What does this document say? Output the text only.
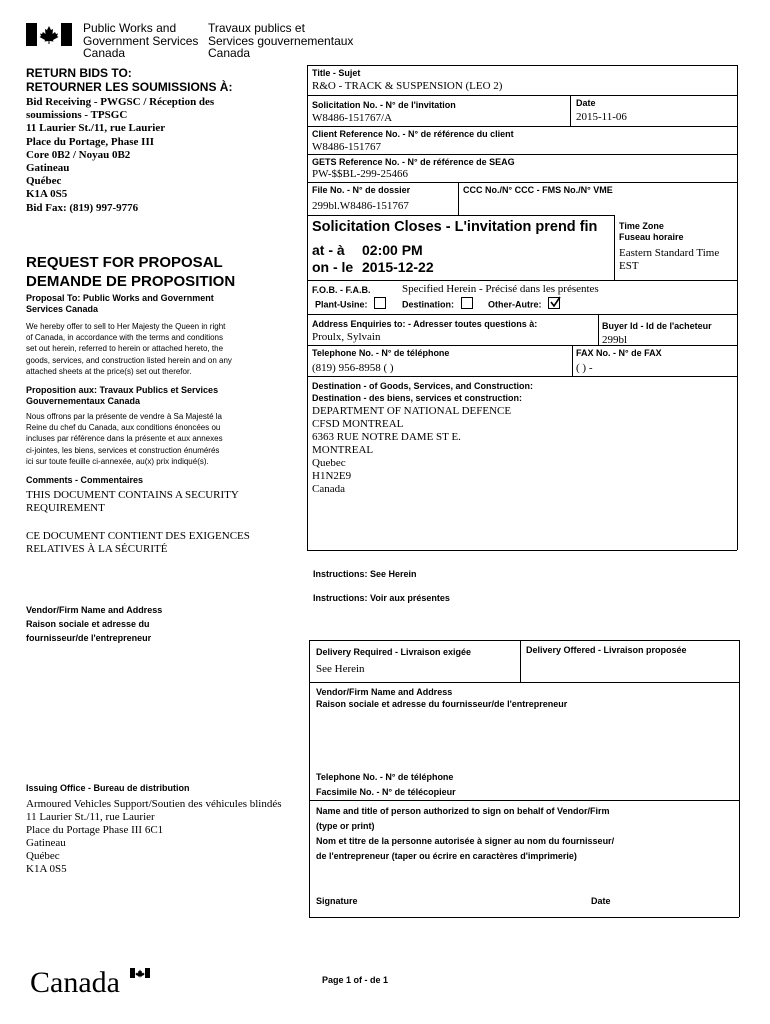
Public Works and
Government Services
Canada
Travaux publics et
Services gouvernementaux
Canada
RETURN BIDS TO:
RETOURNER LES SOUMISSIONS À:
Bid Receiving - PWGSC / Réception des
soumissions - TPSGC
11 Laurier St./11, rue Laurier
Place du Portage, Phase III
Core 0B2 / Noyau 0B2
Gatineau
Québec
K1A 0S5
Bid Fax: (819) 997-9776
REQUEST FOR PROPOSAL
DEMANDE DE PROPOSITION
Proposal To: Public Works and Government
Services Canada
We hereby offer to sell to Her Majesty the Queen in right
of Canada, in accordance with the terms and conditions
set out herein, referred to herein or attached hereto, the
goods, services, and construction listed herein and on any
attached sheets at the price(s) set out therefor.
Proposition aux: Travaux Publics et Services
Gouvernementaux Canada
Nous offrons par la présente de vendre à Sa Majesté la
Reine du chef du Canada, aux conditions énoncées ou
incluses par référence dans la présente et aux annexes
ci-jointes, les biens, services et construction énumérés
ici sur toute feuille ci-annexée, au(x) prix indiqué(s).
Comments - Commentaires
THIS DOCUMENT CONTAINS A SECURITY
REQUIREMENT
CE DOCUMENT CONTIENT DES EXIGENCES
RELATIVES À LA SÉCURITÉ
Vendor/Firm Name and Address
Raison sociale et adresse du
fournisseur/de l'entrepreneur
Issuing Office - Bureau de distribution
Armoured Vehicles Support/Soutien des véhicules blindés
11 Laurier St./11, rue Laurier
Place du Portage Phase III 6C1
Gatineau
Québec
K1A 0S5
Title - Sujet
R&O - TRACK & SUSPENSION (LEO 2)
Solicitation No. - N° de l'invitation
W8486-151767/A
Date
2015-11-06
Client Reference No. - N° de référence du client
W8486-151767
GETS Reference No. - N° de référence de SEAG
PW-$$BL-299-25466
File No. - N° de dossier
299bl.W8486-151767
CCC No./N° CCC - FMS No./N° VME
Solicitation Closes - L'invitation prend fin
at - à 02:00 PM
on - le 2015-12-22
Time Zone
Fuseau horaire
Eastern Standard Time
EST
F.O.B. - F.A.B.	Specified Herein - Précisé dans les présentes
Plant-Usine:	Destination:	Other-Autre:
Address Enquiries to: - Adresser toutes questions à:
Proulx, Sylvain
Buyer Id - Id de l'acheteur
299bl
Telephone No. - N° de téléphone
(819) 956-8958 ( )
FAX No. - N° de FAX
( ) -
Destination - of Goods, Services, and Construction:
Destination - des biens, services et construction:
DEPARTMENT OF NATIONAL DEFENCE
CFSD MONTREAL
6363 RUE NOTRE DAME ST E.
MONTREAL
Quebec
H1N2E9
Canada
Instructions: See Herein
Instructions: Voir aux présentes
Delivery Required - Livraison exigée
See Herein
Delivery Offered - Livraison proposée
Vendor/Firm Name and Address
Raison sociale et adresse du fournisseur/de l'entrepreneur
Telephone No. - N° de téléphone
Facsimile No. - N° de télécopieur
Name and title of person authorized to sign on behalf of Vendor/Firm
(type or print)
Nom et titre de la personne autorisée à signer au nom du fournisseur/
de l'entrepreneur (taper ou écrire en caractères d'imprimerie)
Signature	Date
Canada	Page 1 of - de 1
